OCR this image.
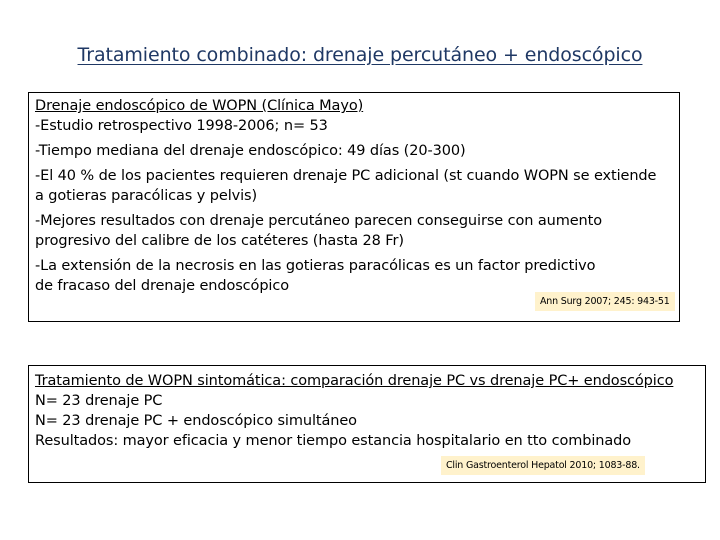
Tratamiento combinado: drenaje percutáneo + endoscópico
Drenaje endoscópico de WOPN (Clínica Mayo)
-Estudio retrospectivo 1998-2006; n= 53
-Tiempo mediana del drenaje endoscópico: 49 días (20-300)
-El 40 % de los pacientes requieren drenaje PC adicional (st cuando WOPN se extiende
a gotieras paracólicas y pelvis)
-Mejores resultados con drenaje percutáneo parecen conseguirse con aumento
progresivo del calibre de los catéteres (hasta 28 Fr)
-La extensión de la necrosis en las gotieras paracólicas es un factor predictivo
de fracaso del drenaje endoscópico
Ann Surg 2007; 245: 943-51
Tratamiento de WOPN sintomática: comparación drenaje PC vs drenaje PC+ endoscópico
N= 23 drenaje PC
N= 23 drenaje PC + endoscópico simultáneo
Resultados: mayor eficacia y menor tiempo estancia hospitalario en tto combinado
Clin Gastroenterol Hepatol 2010; 1083-88.
